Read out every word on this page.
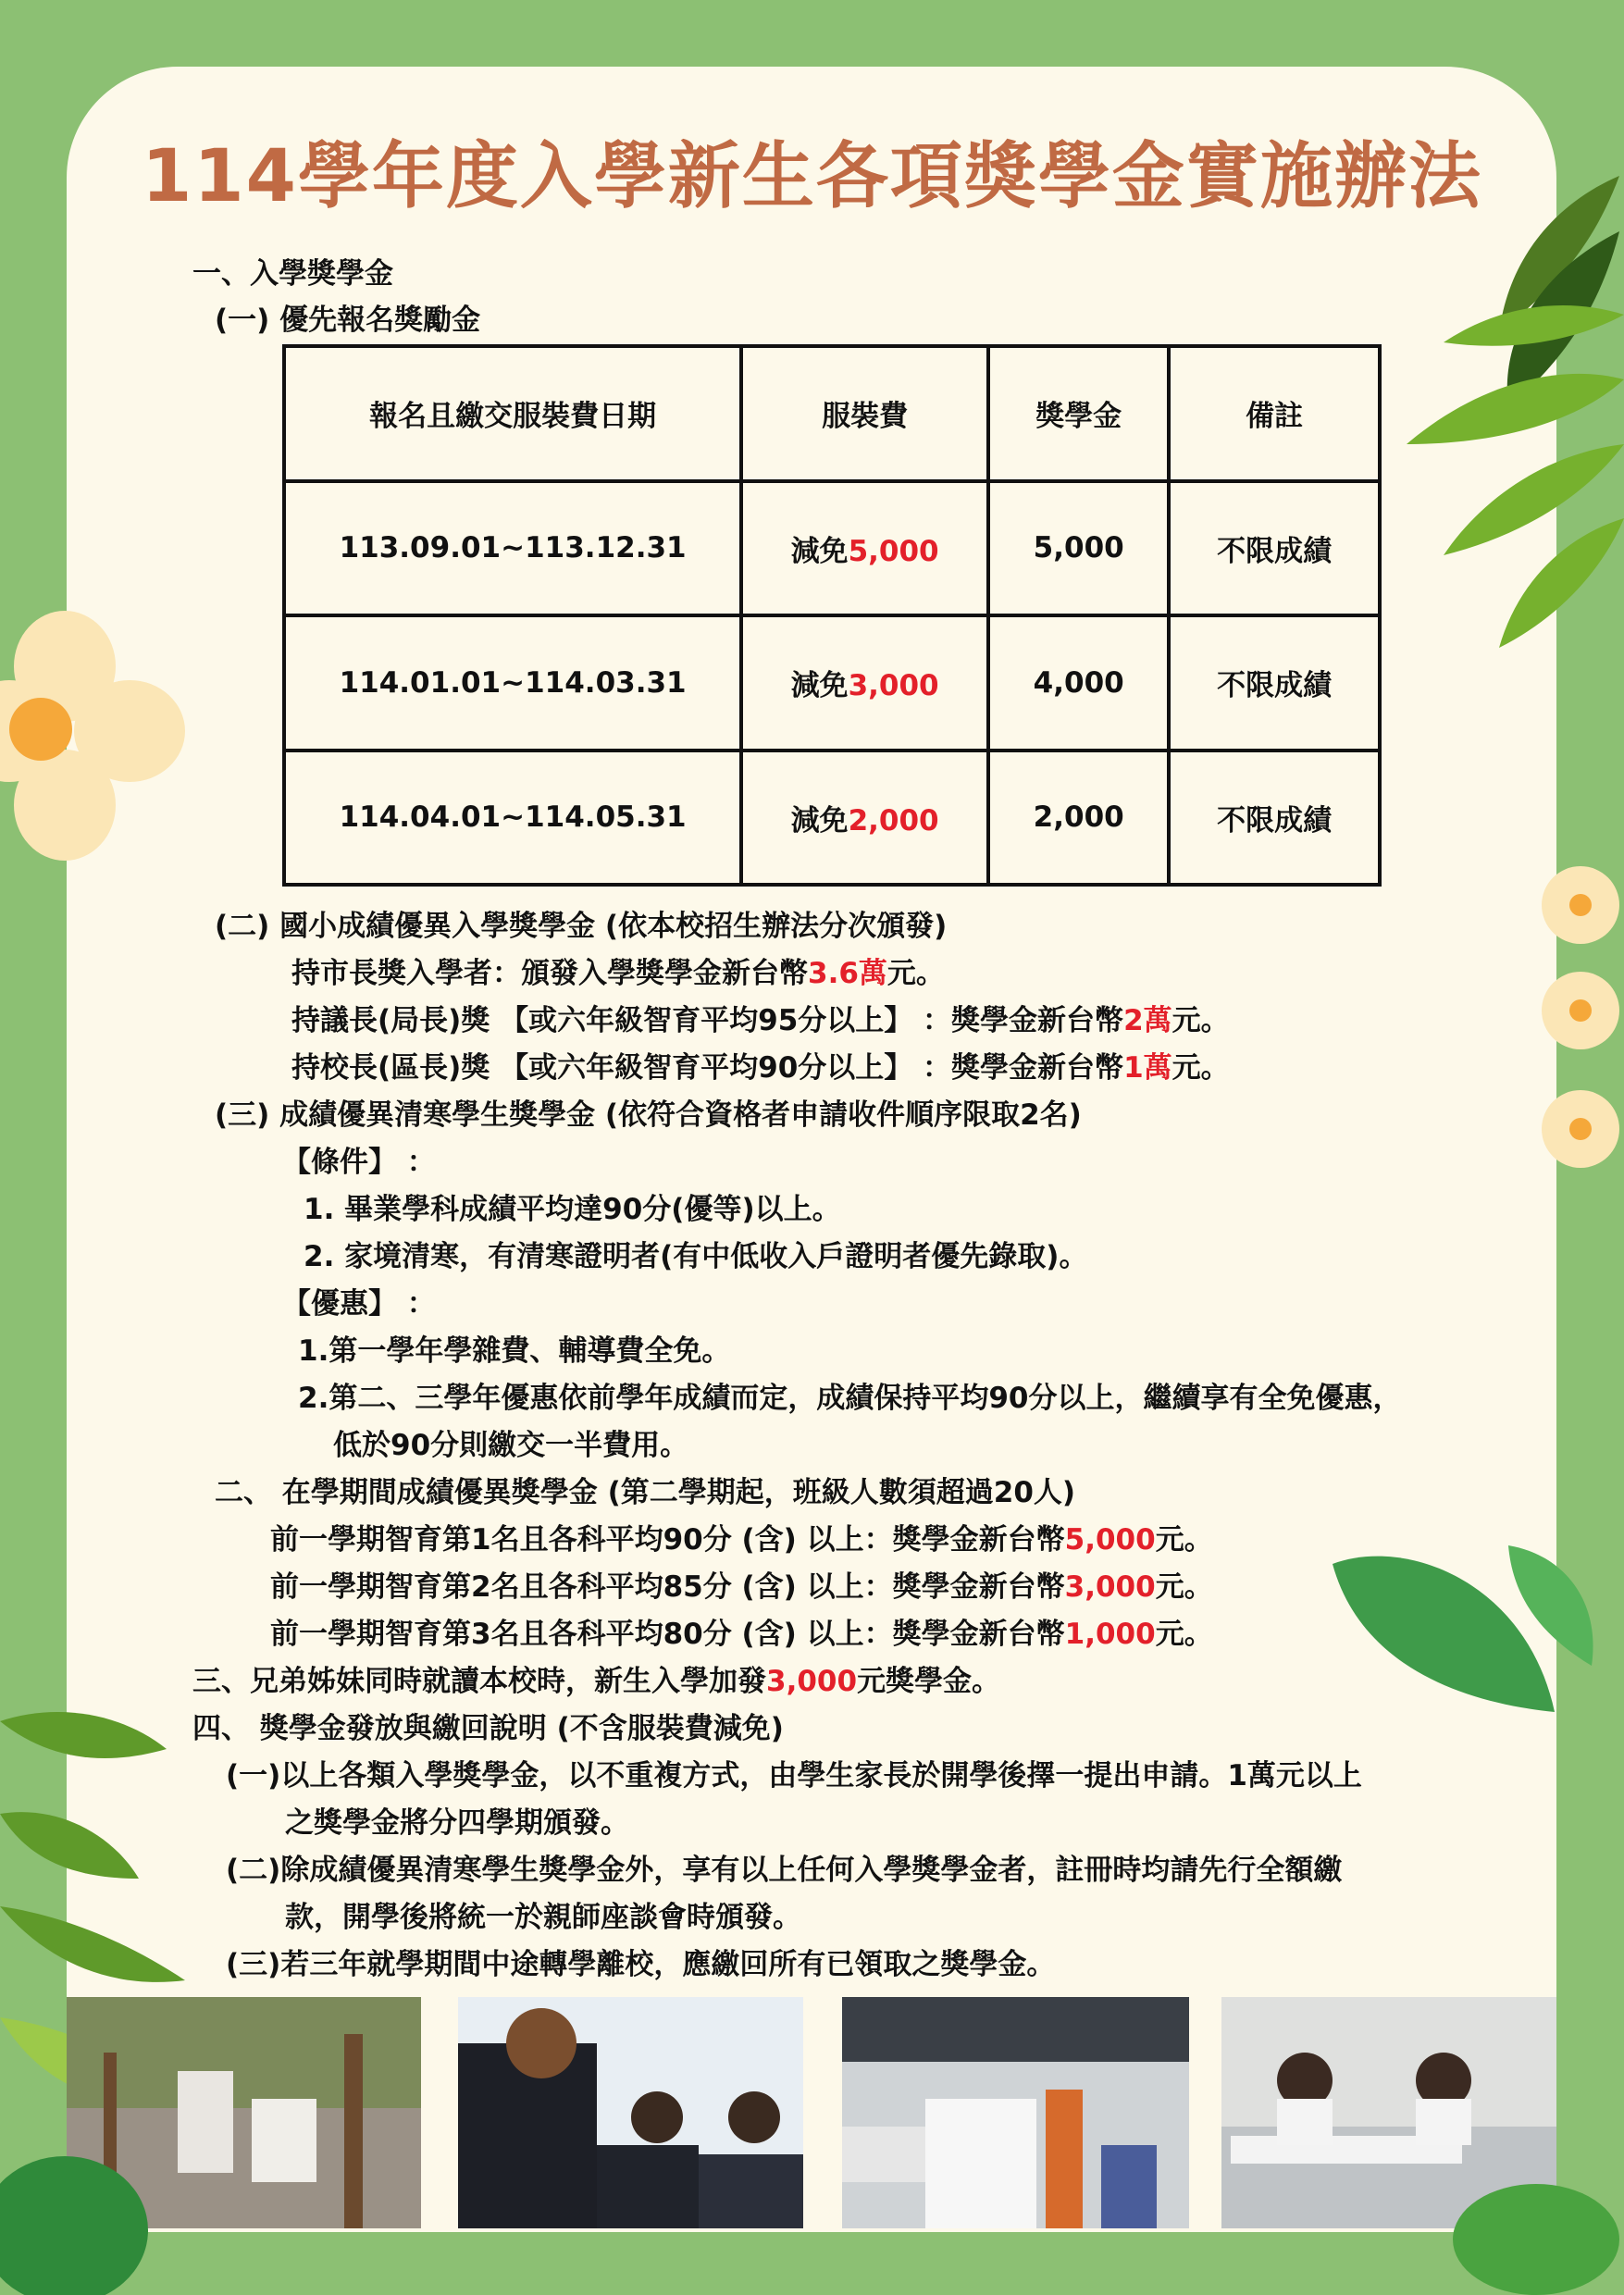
114學年度入學新生各項獎學金實施辦法
一、入學獎學金
(一) 優先報名獎勵金
報名且繳交服裝費日期	服裝費	獎學金	備註
113.09.01~113.12.31	減免5,000	5,000	不限成績
114.01.01~114.03.31	減免3,000	4,000	不限成績
114.04.01~114.05.31	減免2,000	2,000	不限成績
(二) 國小成績優異入學獎學金 (依本校招生辦法分次頒發)
持市長獎入學者：頒發入學獎學金新台幣3.6萬元。
持議長(局長)獎 【或六年級智育平均95分以上】 ：獎學金新台幣2萬元。
持校長(區長)獎 【或六年級智育平均90分以上】 ：獎學金新台幣1萬元。
(三) 成績優異清寒學生獎學金 (依符合資格者申請收件順序限取2名)
【條件】 ：
1. 畢業學科成績平均達90分(優等)以上。
2. 家境清寒，有清寒證明者(有中低收入戶證明者優先錄取)。
【優惠】 ：
1.第一學年學雜費、輔導費全免。
2.第二、三學年優惠依前學年成績而定，成績保持平均90分以上，繼續享有全免優惠，
低於90分則繳交一半費用。
二、 在學期間成績優異獎學金 (第二學期起，班級人數須超過20人)
前一學期智育第1名且各科平均90分 (含) 以上：獎學金新台幣5,000元。
前一學期智育第2名且各科平均85分 (含) 以上：獎學金新台幣3,000元。
前一學期智育第3名且各科平均80分 (含) 以上：獎學金新台幣1,000元。
三、兄弟姊妹同時就讀本校時，新生入學加發3,000元獎學金。
四、 獎學金發放與繳回說明 (不含服裝費減免)
(一)以上各類入學獎學金，以不重複方式，由學生家長於開學後擇一提出申請。1萬元以上
之獎學金將分四學期頒發。
(二)除成績優異清寒學生獎學金外，享有以上任何入學獎學金者，註冊時均請先行全額繳
款，開學後將統一於親師座談會時頒發。
(三)若三年就學期間中途轉學離校，應繳回所有已領取之獎學金。
